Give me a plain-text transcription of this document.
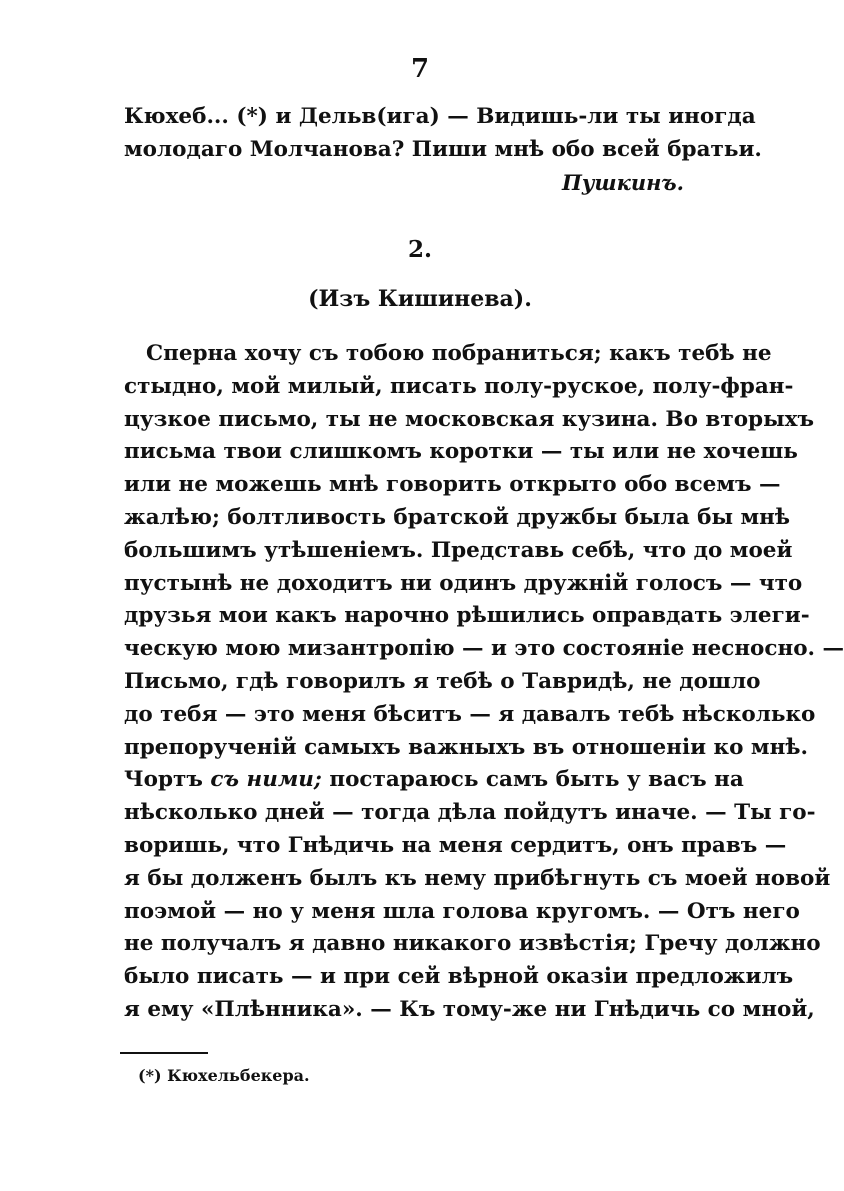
7
Кюхеб... (*) и Дельв(ига) — Видишь-ли ты иногда
молодаго Молчанова? Пиши мнѣ обо всей братьи.
Пушкинъ.
2.
(Изъ Кишинева).
Сперна хочу съ тобою побраниться; какъ тебѣ не
стыдно, мой милый, писать полу-руское, полу-фран-
цузкое письмо, ты не московская кузина. Во вторыхъ
письма твои слишкомъ коротки — ты или не хочешь
или не можешь мнѣ говорить открыто обо всемъ —
жалѣю; болтливость братской дружбы была бы мнѣ
большимъ утѣшеніемъ. Представь себѣ, что до моей
пустынѣ не доходитъ ни одинъ дружній голосъ — что
друзья мои какъ нарочно рѣшились оправдать элеги-
ческую мою мизантропію — и это состояніе несносно. —
Письмо, гдѣ говорилъ я тебѣ о Тавридѣ, не дошло
до тебя — это меня бѣситъ — я давалъ тебѣ нѣсколько
препорученій самыхъ важныхъ въ отношеніи ко мнѣ.
Чортъ съ ними; постараюсь самъ быть у васъ на
нѣсколько дней — тогда дѣла пойдутъ иначе. — Ты го-
воришь, что Гнѣдичь на меня сердитъ, онъ правъ —
я бы долженъ былъ къ нему прибѣгнуть съ моей новой
поэмой — но у меня шла голова кругомъ. — Отъ него
не получалъ я давно никакого извѣстія; Гречу должно
было писать — и при сей вѣрной оказіи предложилъ
я ему «Плѣнника». — Къ тому-же ни Гнѣдичь со мной,
(*) Кюхельбекера.
